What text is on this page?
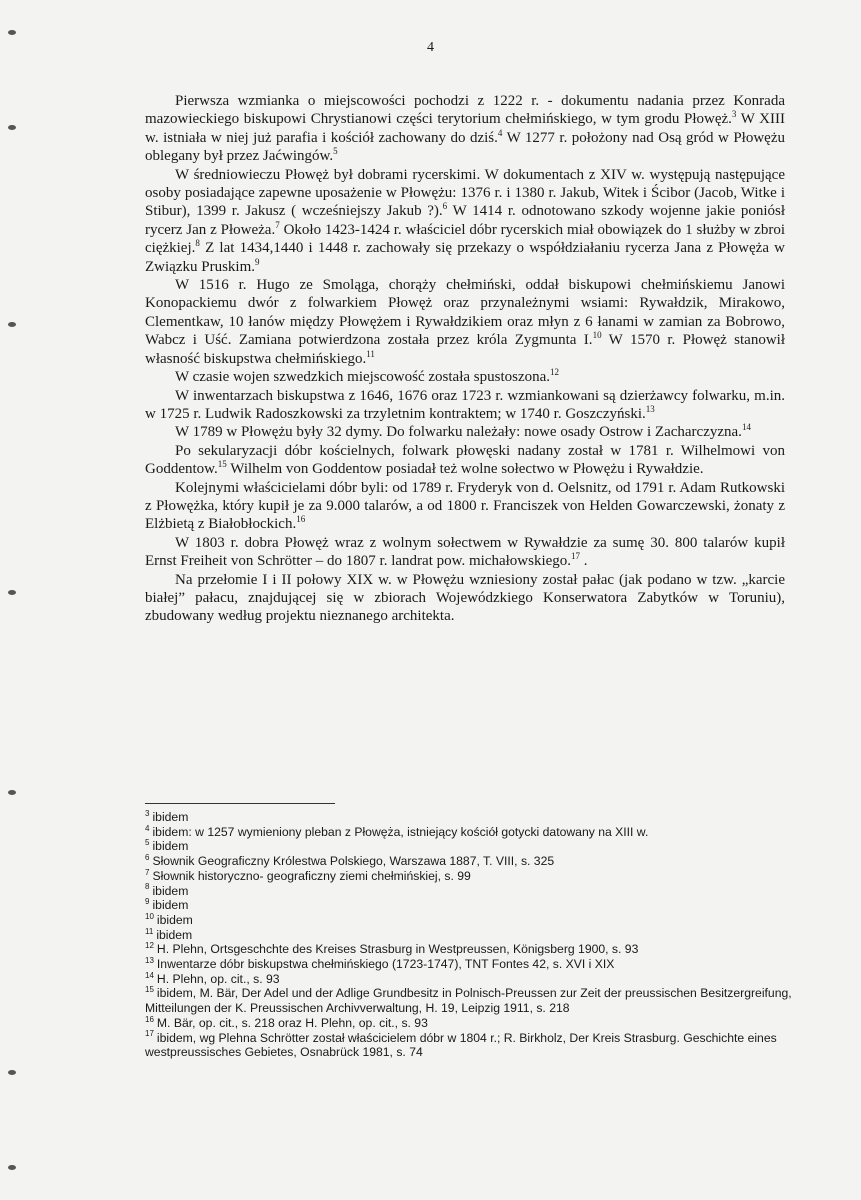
4

Pierwsza wzmianka o miejscowości pochodzi z 1222 r. - dokumentu nadania przez Konrada mazowieckiego biskupowi Chrystianowi części terytorium chełmińskiego, w tym grodu Płowęż.$^3$ W XIII w. istniała w niej już parafia i kościół zachowany do dziś.$^4$ W 1277 r. położony nad Osą gród w Płowężu oblegany był przez Jaćwingów.$^5$

W średniowieczu Płowęż był dobrami rycerskimi. W dokumentach z XIV w. występują następujące osoby posiadające zapewne uposażenie w Płowężu: 1376 r. i 1380 r. Jakub, Witek i Ścibor (Jacob, Witke i Stibur), 1399 r. Jakusz ( wcześniejszy Jakub ?).$^6$ W 1414 r. odnotowano szkody wojenne jakie poniósł rycerz Jan z Płoweża.$^7$ Około 1423-1424 r. właściciel dóbr rycerskich miał obowiązek do 1 służby w zbroi ciężkiej.$^8$ Z lat 1434,1440 i 1448 r. zachowały się przekazy o współdziałaniu rycerza Jana z Płowęża w Związku Pruskim.$^9$

W 1516 r. Hugo ze Smoląga, chorąży chełmiński, oddał biskupowi chełmińskiemu Janowi Konopackiemu dwór z folwarkiem Płowęż oraz przynależnymi wsiami: Rywałdzik, Mirakowo, Clementkaw, 10 łanów między Płowężem i Rywałdzikiem oraz młyn z 6 łanami w zamian za Bobrowo, Wabcz i Uść. Zamiana potwierdzona została przez króla Zygmunta I.$^{10}$ W 1570 r. Płowęż stanowił własność biskupstwa chełmińskiego.$^{11}$

W czasie wojen szwedzkich miejscowość została spustoszona.$^{12}$

W inwentarzach biskupstwa z 1646, 1676 oraz 1723 r. wzmiankowani są dzierżawcy folwarku, m.in. w 1725 r. Ludwik Radoszkowski za trzyletnim kontraktem; w 1740 r. Goszczyński.$^{13}$

W 1789 w Płowężu były 32 dymy. Do folwarku należały: nowe osady Ostrow i Zacharczyzna.$^{14}$

Po sekularyzacji dóbr kościelnych, folwark płowęski nadany został w 1781 r. Wilhelmowi von Goddentow.$^{15}$ Wilhelm von Goddentow posiadał też wolne sołectwo w Płowężu i Rywałdzie.

Kolejnymi właścicielami dóbr byli: od 1789 r. Fryderyk von d. Oelsnitz, od 1791 r. Adam Rutkowski z Płowężka, który kupił je za 9.000 talarów, a od 1800 r. Franciszek von Helden Gowarczewski, żonaty z Elżbietą z Białobłockich.$^{16}$

W 1803 r. dobra Płowęż wraz z wolnym sołectwem w Rywałdzie za sumę 30. 800 talarów kupił Ernst Freiheit von Schrötter – do 1807 r. landrat pow. michałowskiego.$^{17}$ .

Na przełomie I i II połowy XIX w. w Płowężu wzniesiony został pałac (jak podano w tzw. „karcie białej” pałacu, znajdującej się w zbiorach Wojewódzkiego Konserwatora Zabytków w Toruniu), zbudowany według projektu nieznanego architekta.

$^3$ ibidem
$^4$ ibidem: w 1257 wymieniony pleban z Płowęża, istniejący kościół gotycki datowany na XIII w.
$^5$ ibidem
$^6$ Słownik Geograficzny Królestwa Polskiego, Warszawa 1887, T. VIII, s. 325
$^7$ Słownik historyczno- geograficzny ziemi chełmińskiej, s. 99
$^8$ ibidem
$^9$ ibidem
$^{10}$ ibidem
$^{11}$ ibidem
$^{12}$ H. Plehn, Ortsgeschchte des Kreises Strasburg in Westpreussen, Königsberg 1900, s. 93
$^{13}$ Inwentarze dóbr biskupstwa chełmińskiego (1723-1747), TNT Fontes 42, s. XVI i XIX
$^{14}$ H. Plehn, op. cit., s. 93
$^{15}$ ibidem, M. Bär, Der Adel und der Adlige Grundbesitz in Polnisch-Preussen zur Zeit der preussischen Besitzergreifung, Mitteilungen der K. Preussischen Archivverwaltung, H. 19, Leipzig 1911, s. 218
$^{16}$ M. Bär, op. cit., s. 218 oraz H. Plehn, op. cit., s. 93
$^{17}$ ibidem, wg Plehna Schrötter został właścicielem dóbr w 1804 r.; R. Birkholz, Der Kreis Strasburg. Geschichte eines westpreussisches Gebietes, Osnabrück 1981, s. 74
